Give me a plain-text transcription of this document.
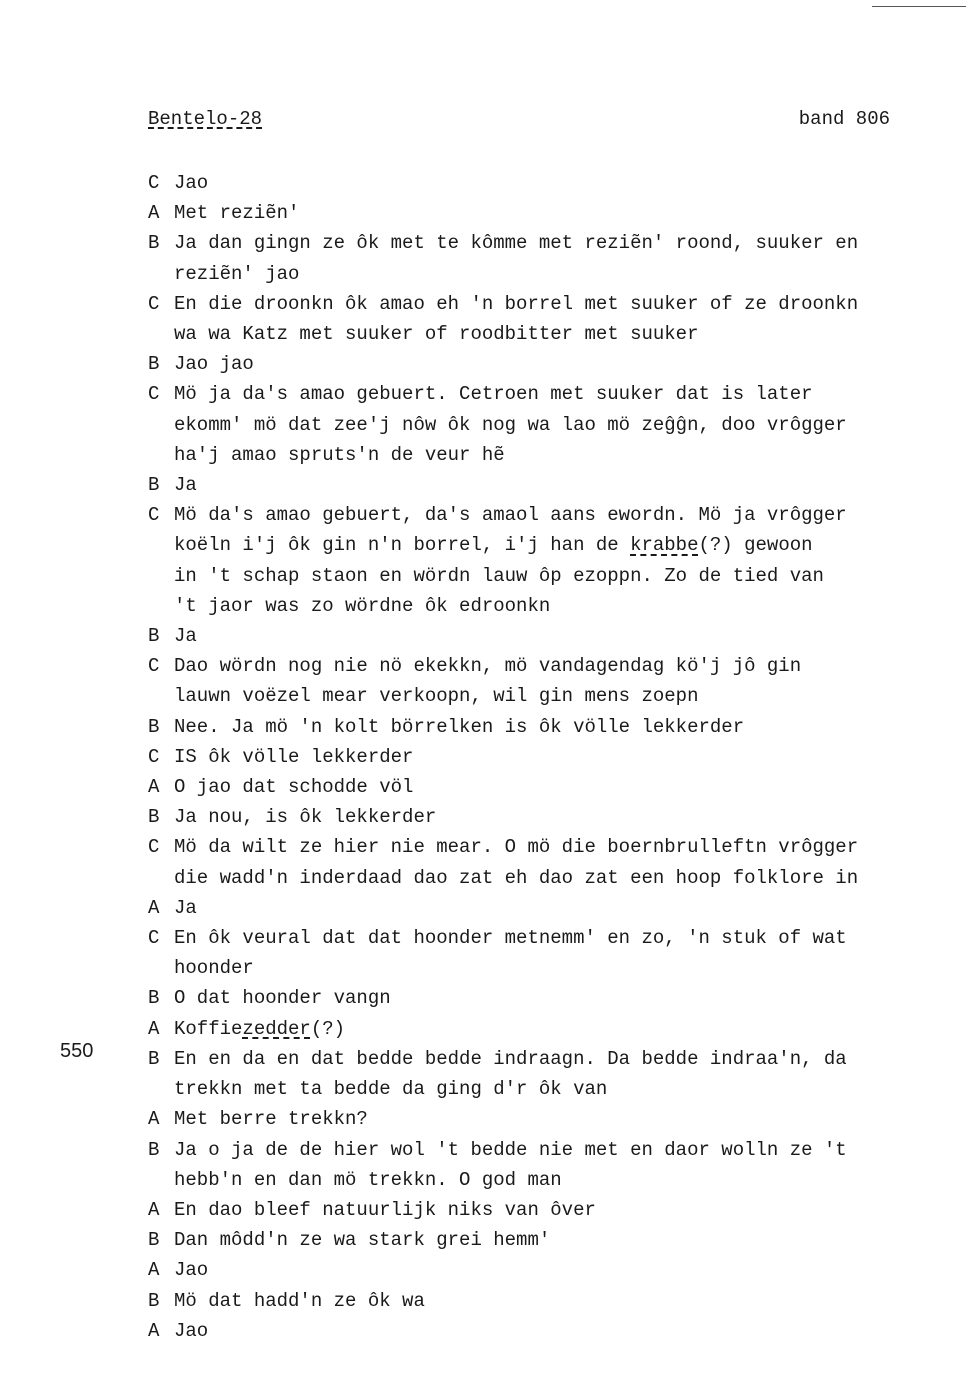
Bentelo-28	band 806
550
C Jao
A Met reziẽn'
B Ja dan gingn ze ôk met te kômme met reziẽn' roond, suuker en
reziẽn' jao
C En die droonkn ôk amao eh 'n borrel met suuker of ze droonkn
wa wa Katz met suuker of roodbitter met suuker
B Jao jao
C Mö ja da's amao gebuert. Cetroen met suuker dat is later
ekomm' mö dat zee'j nôw ôk nog wa lao mö zeĝĝn, doo vrôgger
ha'j amao spruts'n de veur hẽ
B Ja
C Mö da's amao gebuert, da's amaol aans ewordn. Mö ja vrôgger
koëln i'j ôk gin n'n borrel, i'j han de krabbe(?) gewoon
in 't schap staon en wördn lauw ôp ezoppn. Zo de tied van
't jaor was zo wördne ôk edroonkn
B Ja
C Dao wördn nog nie nö ekekkn, mö vandagendag kö'j jô gin
lauwn voëzel mear verkoopn, wil gin mens zoepn
B Nee. Ja mö 'n kolt börrelken is ôk völle lekkerder
C IS ôk völle lekkerder
A O jao dat schodde völ
B Ja nou, is ôk lekkerder
C Mö da wilt ze hier nie mear. O mö die boernbrulleftn vrôgger
die wadd'n inderdaad dao zat eh dao zat een hoop folklore in
A Ja
C En ôk veural dat dat hoonder metnemm' en zo, 'n stuk of wat
hoonder
B O dat hoonder vangn
A Koffiezedder(?)
B En en da en dat bedde bedde indraagn. Da bedde indraa'n, da
trekkn met ta bedde da ging d'r ôk van
A Met berre trekkn?
B Ja o ja de de hier wol 't bedde nie met en daor wolln ze 't
hebb'n en dan mö trekkn. O god man
A En dao bleef natuurlijk niks van ôver
B Dan môdd'n ze wa stark grei hemm'
A Jao
B Mö dat hadd'n ze ôk wa
A Jao
